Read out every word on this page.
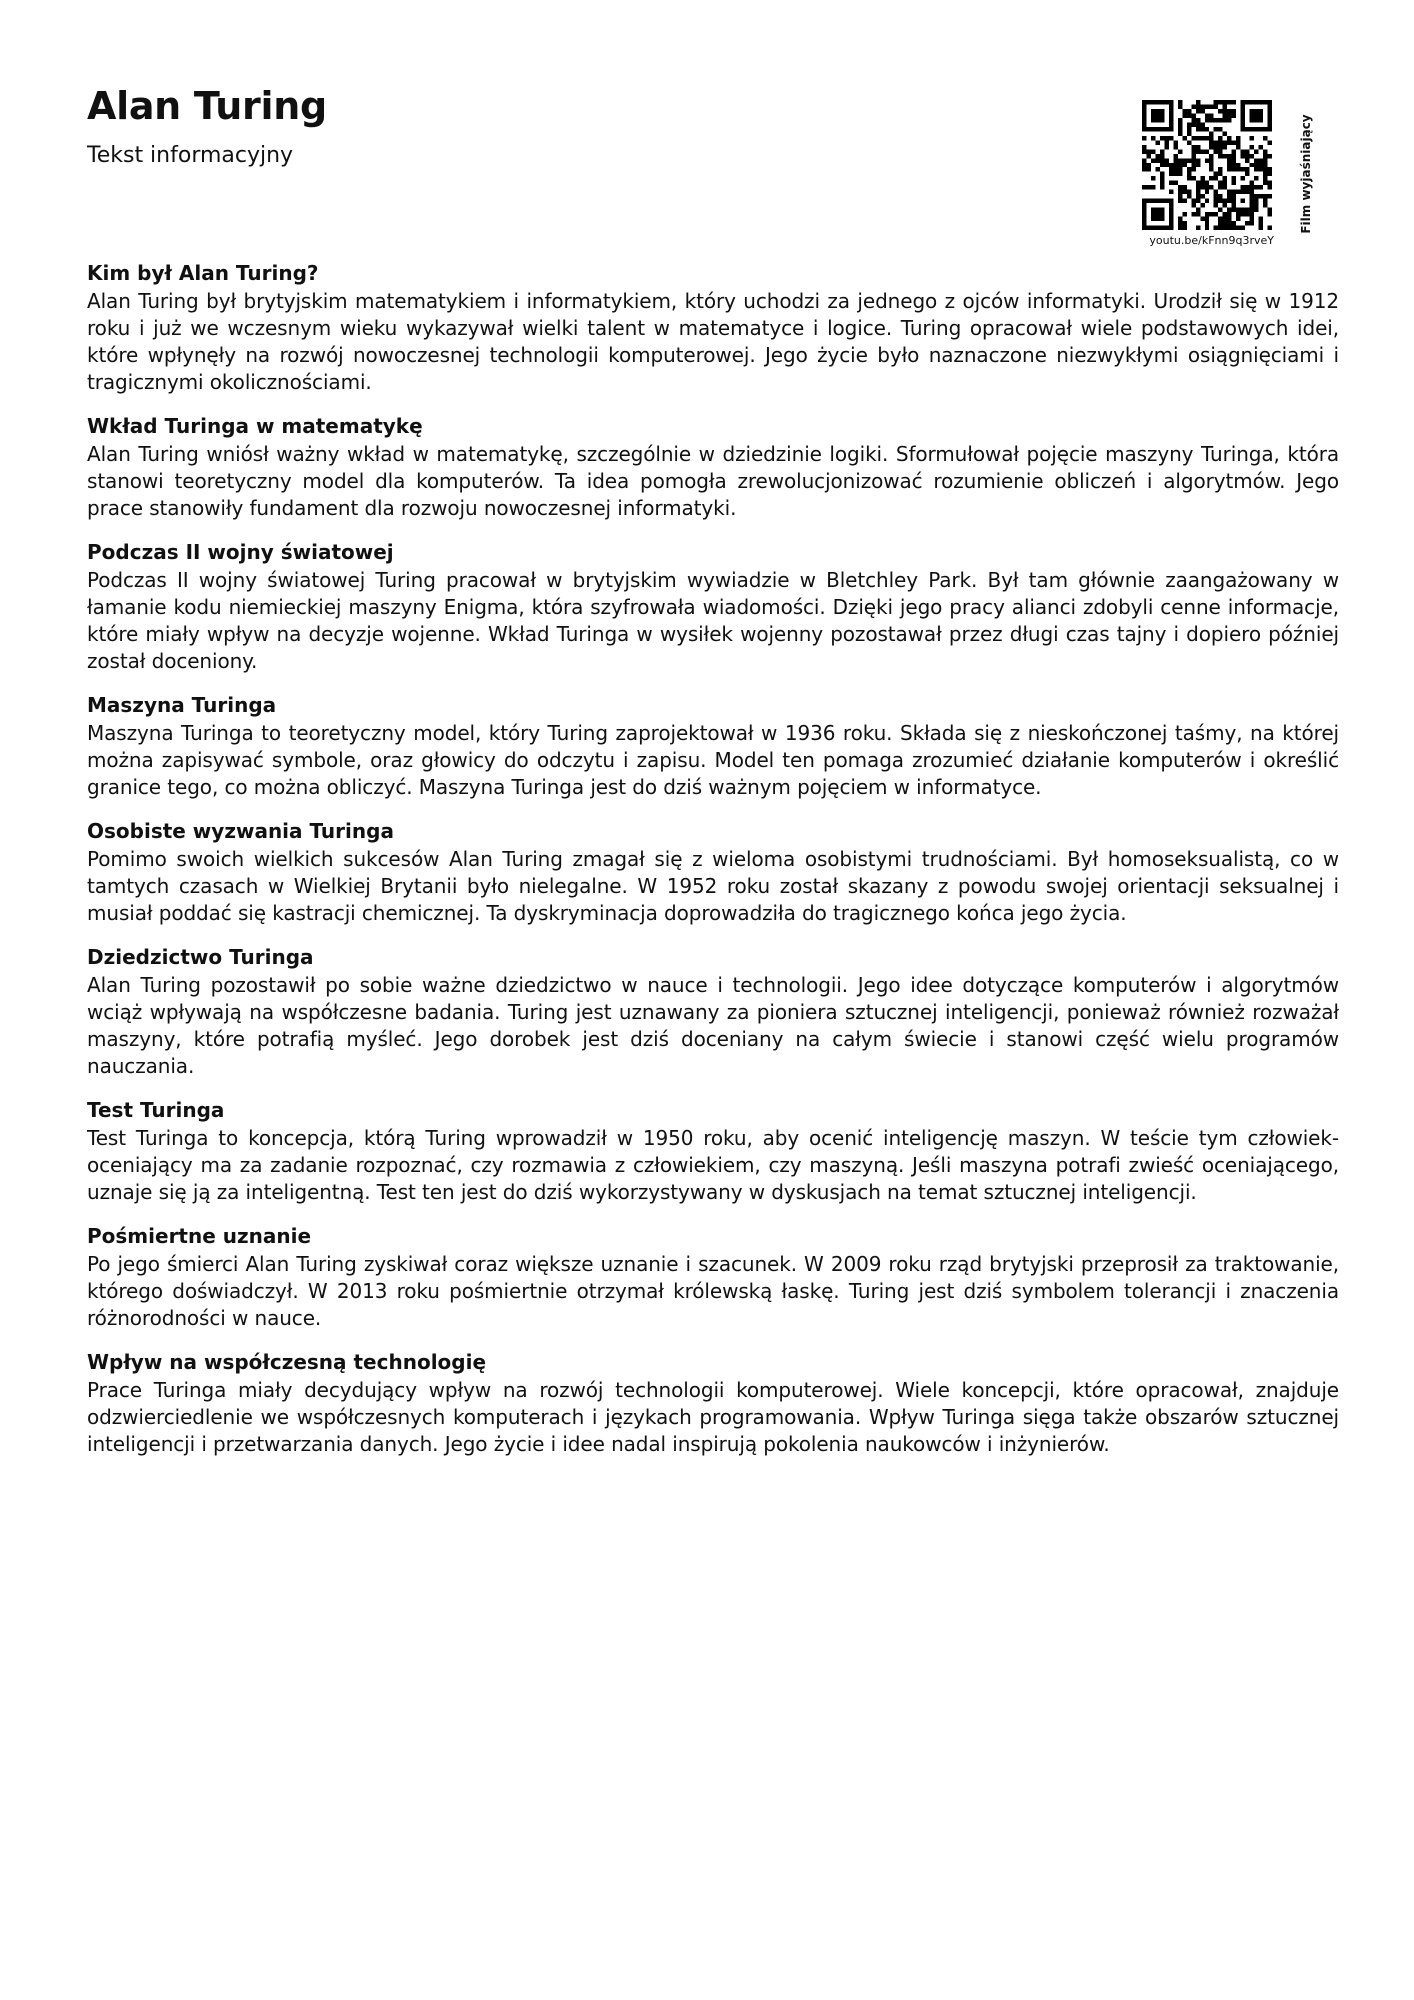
Alan Turing

Tekst informacyjny

youtu.be/kFnn9q3rveY
Film wyjaśniający
Kim był Alan Turing?

Alan Turing był brytyjskim matematykiem i informatykiem, który uchodzi za jednego z ojców informatyki. Urodził się w 1912 roku i już we wczesnym wieku wykazywał wielki talent w matematyce i logice. Turing opracował wiele podstawowych idei, które wpłynęły na rozwój nowoczesnej technologii komputerowej. Jego życie było naznaczone niezwykłymi osiągnięciami i tragicznymi okolicznościami.

Wkład Turinga w matematykę

Alan Turing wniósł ważny wkład w matematykę, szczególnie w dziedzinie logiki. Sformułował pojęcie maszyny Turinga, która stanowi teoretyczny model dla komputerów. Ta idea pomogła zrewolucjonizować rozumienie obliczeń i algorytmów. Jego prace stanowiły fundament dla rozwoju nowoczesnej informatyki.

Podczas II wojny światowej

Podczas II wojny światowej Turing pracował w brytyjskim wywiadzie w Bletchley Park. Był tam głównie zaangażowany w łamanie kodu niemieckiej maszyny Enigma, która szyfrowała wiadomości. Dzięki jego pracy alianci zdobyli cenne informacje, które miały wpływ na decyzje wojenne. Wkład Turinga w wysiłek wojenny pozostawał przez długi czas tajny i dopiero później został doceniony.

Maszyna Turinga

Maszyna Turinga to teoretyczny model, który Turing zaprojektował w 1936 roku. Składa się z nieskończonej taśmy, na której można zapisywać symbole, oraz głowicy do odczytu i zapisu. Model ten pomaga zrozumieć działanie komputerów i określić granice tego, co można obliczyć. Maszyna Turinga jest do dziś ważnym pojęciem w informatyce.

Osobiste wyzwania Turinga

Pomimo swoich wielkich sukcesów Alan Turing zmagał się z wieloma osobistymi trudnościami. Był homoseksualistą, co w tamtych czasach w Wielkiej Brytanii było nielegalne. W 1952 roku został skazany z powodu swojej orientacji seksualnej i musiał poddać się kastracji chemicznej. Ta dyskryminacja doprowadziła do tragicznego końca jego życia.

Dziedzictwo Turinga

Alan Turing pozostawił po sobie ważne dziedzictwo w nauce i technologii. Jego idee dotyczące komputerów i algorytmów wciąż wpływają na współczesne badania. Turing jest uznawany za pioniera sztucznej inteligencji, ponieważ również rozważał maszyny, które potrafią myśleć. Jego dorobek jest dziś doceniany na całym świecie i stanowi część wielu programów nauczania.

Test Turinga

Test Turinga to koncepcja, którą Turing wprowadził w 1950 roku, aby ocenić inteligencję maszyn. W teście tym człowiek-oceniający ma za zadanie rozpoznać, czy rozmawia z człowiekiem, czy maszyną. Jeśli maszyna potrafi zwieść oceniającego, uznaje się ją za inteligentną. Test ten jest do dziś wykorzystywany w dyskusjach na temat sztucznej inteligencji.

Pośmiertne uznanie

Po jego śmierci Alan Turing zyskiwał coraz większe uznanie i szacunek. W 2009 roku rząd brytyjski przeprosił za traktowanie, którego doświadczył. W 2013 roku pośmiertnie otrzymał królewską łaskę. Turing jest dziś symbolem tolerancji i znaczenia różnorodności w nauce.

Wpływ na współczesną technologię

Prace Turinga miały decydujący wpływ na rozwój technologii komputerowej. Wiele koncepcji, które opracował, znajduje odzwierciedlenie we współczesnych komputerach i językach programowania. Wpływ Turinga sięga także obszarów sztucznej inteligencji i przetwarzania danych. Jego życie i idee nadal inspirują pokolenia naukowców i inżynierów.
